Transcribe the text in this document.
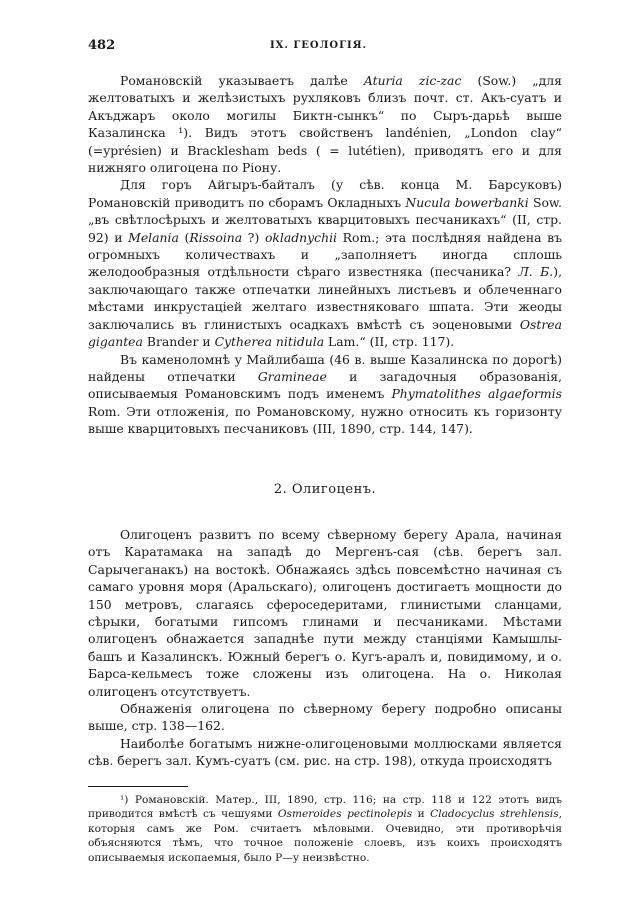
482	IX. ГЕОЛОГІЯ.

Романовскій указываетъ далѣе Aturia zic-zac (Sow.) „для желтоватыхъ и желѣзистыхъ рухляковъ близъ почт. ст. Акъ-суатъ и Акъджаръ около могилы Биктн-сынкъ“ по Сыръ-дарьѣ выше Казалинска ¹). Видъ этотъ свойственъ landénien, „London clay“ (=yprésien) и Bracklesham beds ( = lutétien), приводятъ его и для нижняго олигоцена по Ріону.

Для горъ Айгыръ-байталъ (у сѣв. конца М. Барсуковъ) Романовскій приводитъ по сборамъ Окладныхъ Nucula bowerbanki Sow. „въ свѣтлосѣрыхъ и желтоватыхъ кварцитовыхъ песчаникахъ“ (II, стр. 92) и Melania (Rissoina ?) okladnychii Rom.; эта послѣдняя найдена въ огромныхъ количествахъ и „заполняетъ иногда сплошь желодообразныя отдѣльности сѣраго известняка (песчаника? Л. Б.), заключающаго также отпечатки линейныхъ листьевъ и облеченнаго мѣстами инкрустаціей желтаго известняковаго шпата. Эти жеоды заключались въ глинистыхъ осадкахъ вмѣстѣ съ эоценовыми Ostrea gigantea Brander и Cytherea nitidula Lam.“ (II, стр. 117).

Въ каменоломнѣ у Майлибаша (46 в. выше Казалинска по дорогѣ) найдены отпечатки Gramineae и загадочныя образованія, описываемыя Романовскимъ подъ именемъ Phymatolithes algaeformis Rom. Эти отложенія, по Романовскому, нужно относить къ горизонту выше кварцитовыхъ песчаниковъ (III, 1890, стр. 144, 147).

2. Олигоценъ.

Олигоценъ развитъ по всему сѣверному берегу Арала, начиная отъ Каратамака на западѣ до Мергенъ-сая (сѣв. берегъ зал. Сарычеганакъ) на востокѣ. Обнажаясь здѣсь повсемѣстно начиная съ самаго уровня моря (Аральскаго), олигоценъ достигаетъ мощности до 150 метровъ, слагаясь сфероседеритами, глинистыми сланцами, сѣрыки, богатыми гипсомъ глинами и песчаниками. Мѣстами олигоценъ обнажается западнѣе пути между станціями Камышлы-башъ и Казалинскъ. Южный берегъ о. Кугъ-аралъ и, повидимому, и о. Барса-кельмесъ тоже сложены изъ олигоцена. На о. Николая олигоценъ отсутствуетъ.

Обнаженія олигоцена по сѣверному берегу подробно описаны выше, стр. 138—162.

Наиболѣе богатымъ нижне-олигоценовыми моллюсками является сѣв. берегъ зал. Кумъ-суатъ (см. рис. на стр. 198), откуда происходятъ

¹) Романовскій. Матер., III, 1890, стр. 116; на стр. 118 и 122 этотъ видъ приводится вмѣстѣ съ чешуями Osmeroides pectinolepis и Cladocyclus strehlensis, которыя самъ же Ром. считаетъ мѣловыми. Очевидно, эти противорѣчія объясняются тѣмъ, что точное положеніе слоевъ, изъ коихъ происходятъ описываемыя ископаемыя, было Р—у неизвѣстно.
